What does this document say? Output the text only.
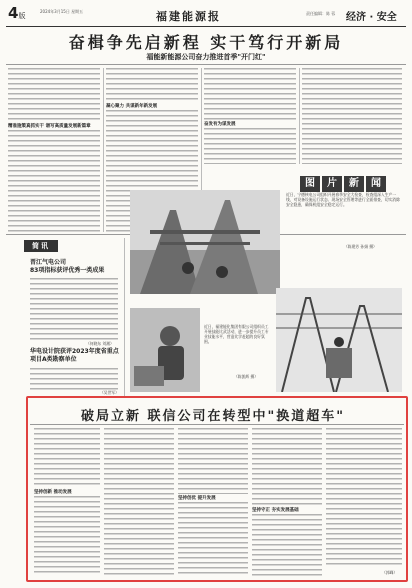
4版
2024年3月15日 星期五	福建能源报	责任编辑：陈 蓉 经济 · 安全
奋楫争先启新程 实干笃行开新局
福能新能源公司奋力推进首季"开门红"
精准施策真抓实干 谱写高质量发展新篇章
凝心聚力 共谋新年新发展
奋发有为谋发展
简讯
晋江气电公司
83项指标获评优秀一类成果
（何晓东 刘湘）
华电设计院获评2023年度省重点项目A类勘察单位
（吴世军）
图 片 新 闻
近日，宁德核电公司组织开展春季安全大检查，检查组深入生产一线，对设备设施运行状态、现场安全管理等进行全面排查，切实消除安全隐患，确保机组安全稳定运行。
（陈建芳 孙娟 摄）
近日，福建能化集团有限公司组织员工开展技能比武活动，进一步提升员工专业技能水平，营造比学赶超的良好氛围。
（陈凯辉 摄）
破局立新 联信公司在转型中"换道超车"
坚持创新 推动发展
坚持创优 提升发展
坚持守正 夯实发展基础
（郭峰）
